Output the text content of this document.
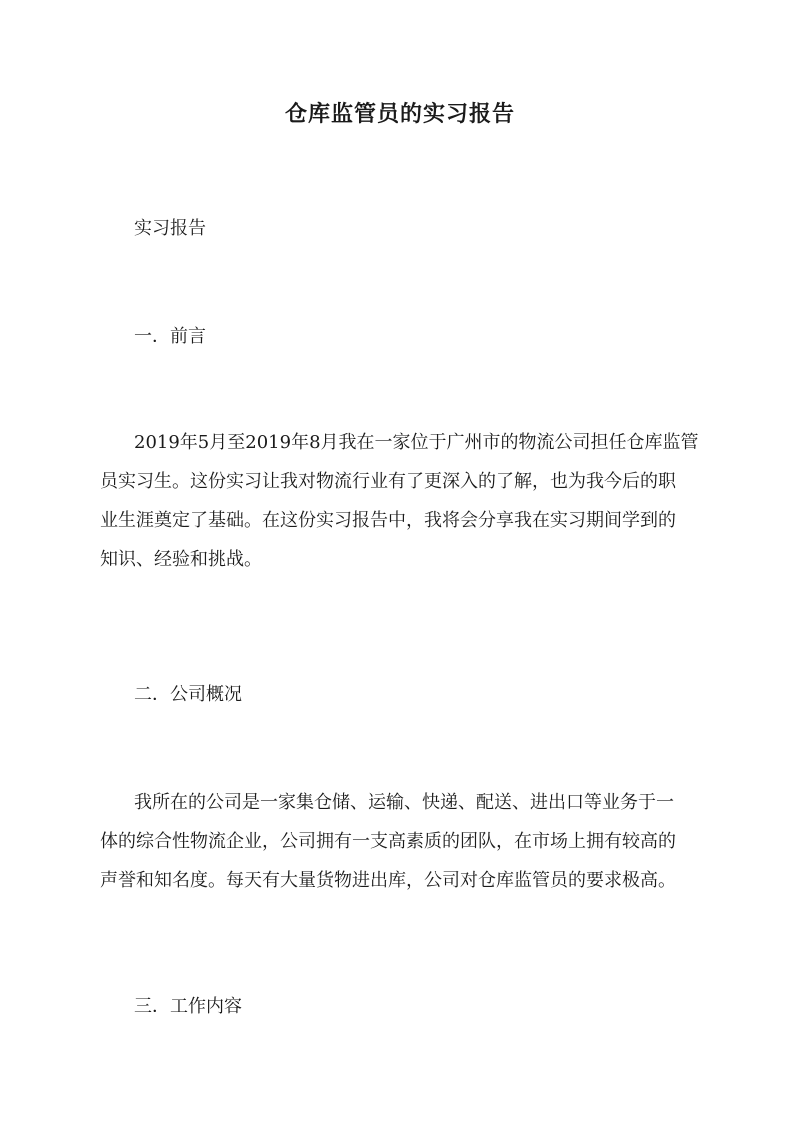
仓库监管员的实习报告

实习报告

一．前言

2019年5月至2019年8月我在一家位于广州市的物流公司担任仓库监管
员实习生。这份实习让我对物流行业有了更深入的了解，也为我今后的职
业生涯奠定了基础。在这份实习报告中，我将会分享我在实习期间学到的
知识、经验和挑战。

二．公司概况

我所在的公司是一家集仓储、运输、快递、配送、进出口等业务于一
体的综合性物流企业，公司拥有一支高素质的团队，在市场上拥有较高的
声誉和知名度。每天有大量货物进出库，公司对仓库监管员的要求极高。

三．工作内容
